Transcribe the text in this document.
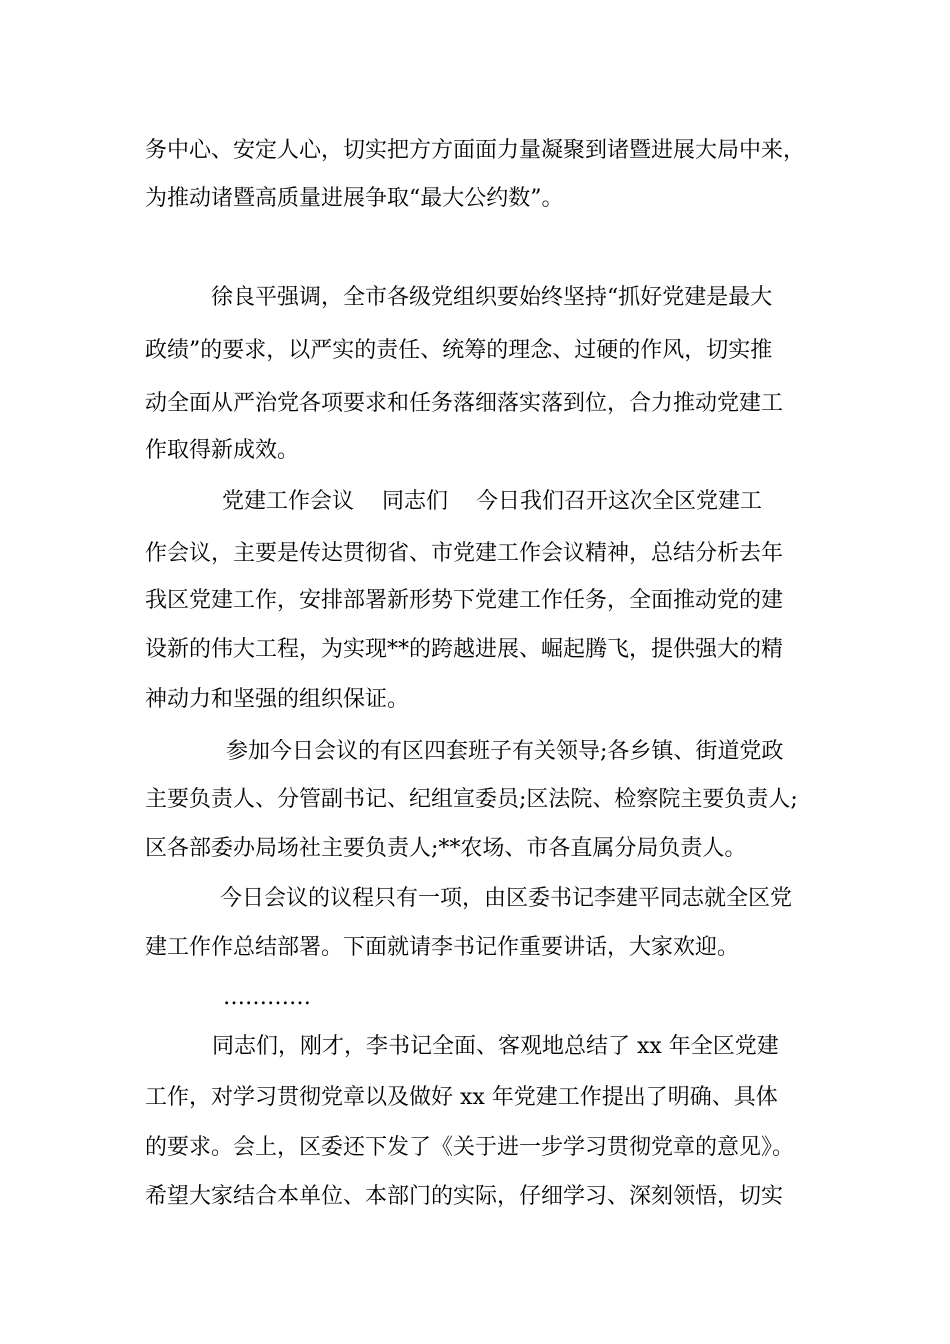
务中心、安定人心，切实把方方面面力量凝聚到诸暨进展大局中来，
为推动诸暨高质量进展争取“最大公约数”。
徐良平强调，全市各级党组织要始终坚持“抓好党建是最大
政绩”的要求，以严实的责任、统筹的理念、过硬的作风，切实推
动全面从严治党各项要求和任务落细落实落到位，合力推动党建工
作取得新成效。
党建工作会议    同志们    今日我们召开这次全区党建工
作会议，主要是传达贯彻省、市党建工作会议精神，总结分析去年
我区党建工作，安排部署新形势下党建工作任务，全面推动党的建
设新的伟大工程，为实现**的跨越进展、崛起腾飞，提供强大的精
神动力和坚强的组织保证。
参加今日会议的有区四套班子有关领导;各乡镇、街道党政
主要负责人、分管副书记、纪组宣委员;区法院、检察院主要负责人;
区各部委办局场社主要负责人;**农场、市各直属分局负责人。
今日会议的议程只有一项，由区委书记李建平同志就全区党
建工作作总结部署。下面就请李书记作重要讲话，大家欢迎。
…………
同志们，刚才，李书记全面、客观地总结了 xx 年全区党建
工作，对学习贯彻党章以及做好 xx 年党建工作提出了明确、具体
的要求。会上，区委还下发了《关于进一步学习贯彻党章的意见》。
希望大家结合本单位、本部门的实际，仔细学习、深刻领悟，切实
